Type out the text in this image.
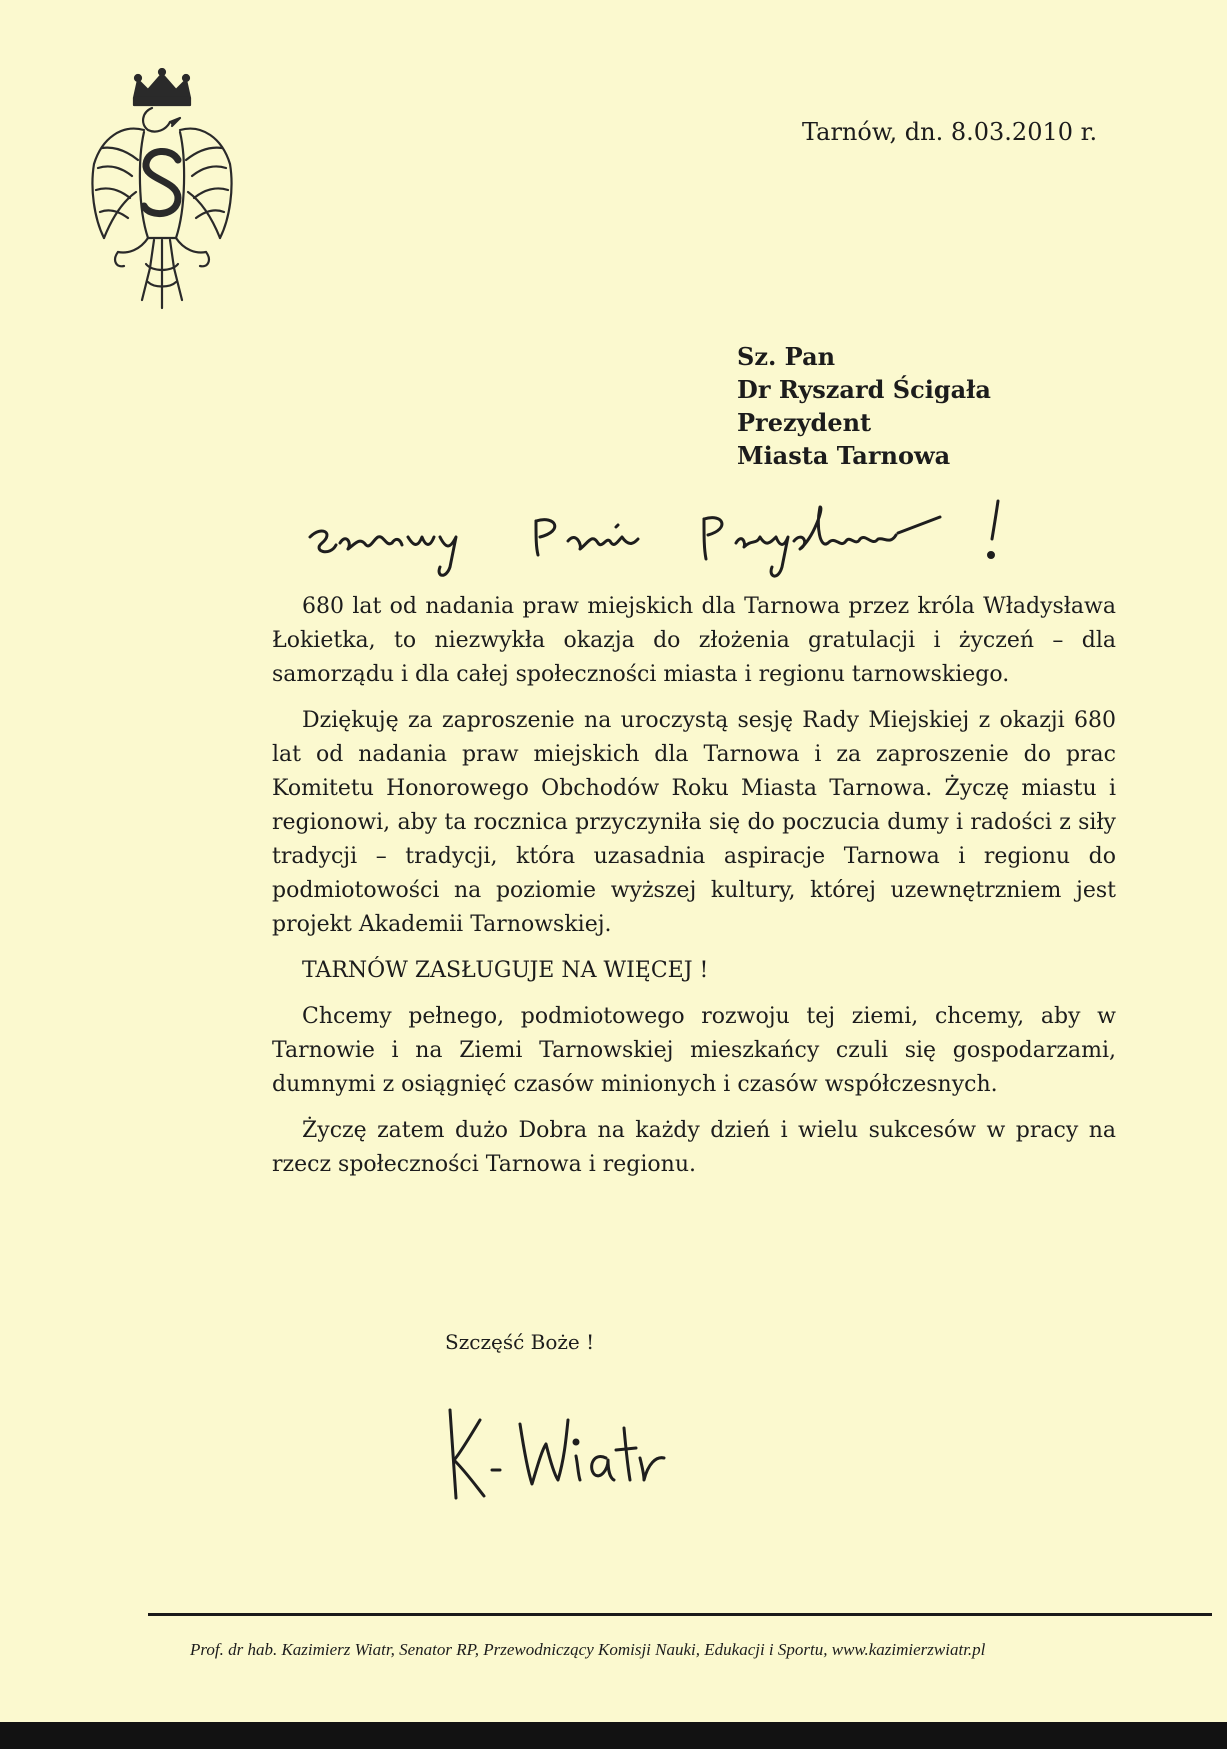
Tarnów, dn. 8.03.2010 r.
Sz. Pan
Dr Ryszard Ścigała
Prezydent
Miasta Tarnowa

680 lat od nadania praw miejskich dla Tarnowa przez króla Władysława Łokietka, to niezwykła okazja do złożenia gratulacji i życzeń – dla samorządu i dla całej społeczności miasta i regionu tarnowskiego.

Dziękuję za zaproszenie na uroczystą sesję Rady Miejskiej z okazji 680 lat od nadania praw miejskich dla Tarnowa i za zaproszenie do prac Komitetu Honorowego Obchodów Roku Miasta Tarnowa. Życzę miastu i regionowi, aby ta rocznica przyczyniła się do poczucia dumy i radości z siły tradycji – tradycji, która uzasadnia aspiracje Tarnowa i regionu do podmiotowości na poziomie wyższej kultury, której uzewnętrzniem jest projekt Akademii Tarnowskiej.

TARNÓW ZASŁUGUJE NA WIĘCEJ !

Chcemy pełnego, podmiotowego rozwoju tej ziemi, chcemy, aby w Tarnowie i na Ziemi Tarnowskiej mieszkańcy czuli się gospodarzami, dumnymi z osiągnięć czasów minionych i czasów współczesnych.

Życzę zatem dużo Dobra na każdy dzień i wielu sukcesów w pracy na rzecz społeczności Tarnowa i regionu.

Szczęść Boże !
Prof. dr hab. Kazimierz Wiatr, Senator RP, Przewodniczący Komisji Nauki, Edukacji i Sportu, www.kazimierzwiatr.pl
